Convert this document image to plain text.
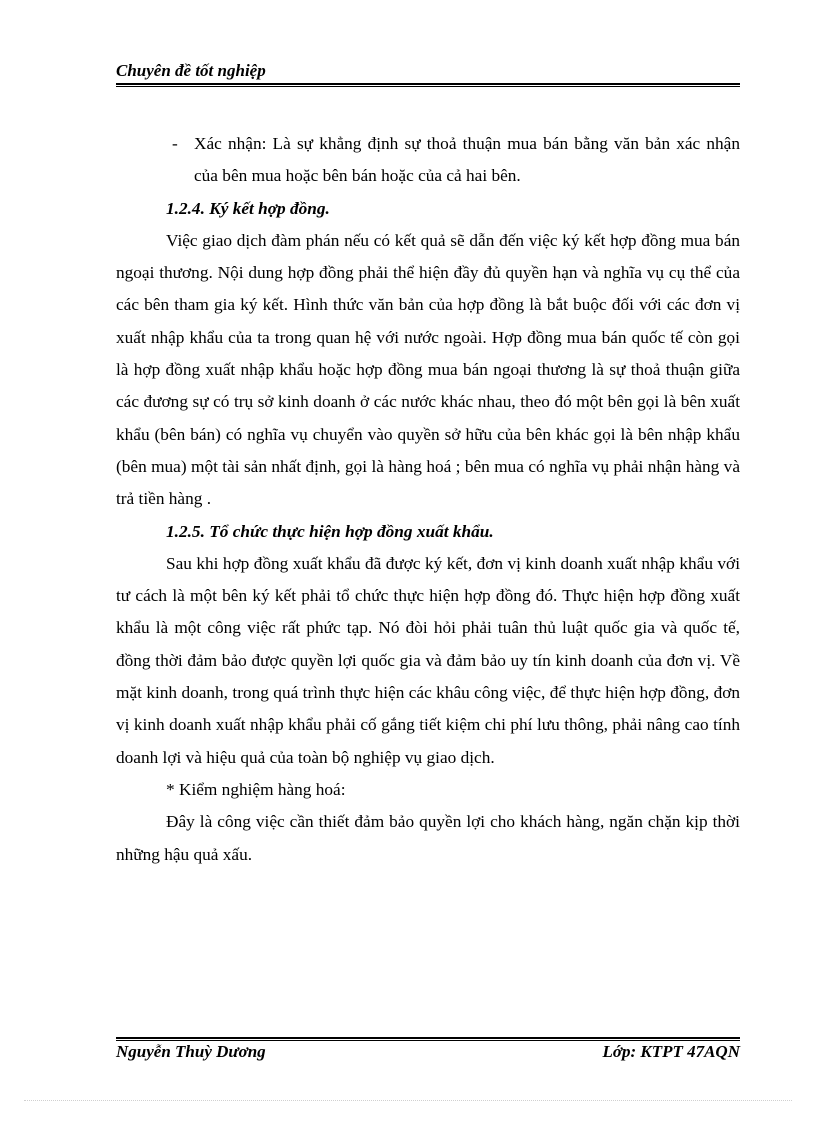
Chuyên đề tốt nghiệp
- Xác nhận: Là sự khẳng định sự thoả thuận mua bán bằng văn bản xác nhận của bên mua hoặc bên bán hoặc của cả hai bên.

1.2.4. Ký kết hợp đồng.

Việc giao dịch đàm phán nếu có kết quả sẽ dẫn đến việc ký kết hợp đồng mua bán ngoại thương. Nội dung hợp đồng phải thể hiện đầy đủ quyền hạn và nghĩa vụ cụ thể của các bên tham gia ký kết. Hình thức văn bản của hợp đồng là bắt buộc đối với các đơn vị xuất nhập khẩu của ta trong quan hệ với nước ngoài. Hợp đồng mua bán quốc tế còn gọi là hợp đồng xuất nhập khẩu hoặc hợp đồng mua bán ngoại thương là sự thoả thuận giữa các đương sự có trụ sở kinh doanh ở các nước khác nhau, theo đó một bên gọi là bên xuất khẩu (bên bán) có nghĩa vụ chuyển vào quyền sở hữu của bên khác gọi là bên nhập khẩu (bên mua) một tài sản nhất định, gọi là hàng hoá ; bên mua có nghĩa vụ phải nhận hàng và trả tiền hàng .

1.2.5. Tổ chức thực hiện hợp đồng xuất khẩu.

Sau khi hợp đồng xuất khẩu đã được ký kết, đơn vị kinh doanh xuất nhập khẩu với tư cách là một bên ký kết phải tổ chức thực hiện hợp đồng đó. Thực hiện hợp đồng xuất khẩu là một công việc rất phức tạp. Nó đòi hỏi phải tuân thủ luật quốc gia và quốc tế, đồng thời đảm bảo được quyền lợi quốc gia và đảm bảo uy tín kinh doanh của đơn vị. Về mặt kinh doanh, trong quá trình thực hiện các khâu công việc, để thực hiện hợp đồng, đơn vị kinh doanh xuất nhập khẩu phải cố gắng tiết kiệm chi phí lưu thông, phải nâng cao tính doanh lợi và hiệu quả của toàn bộ nghiệp vụ giao dịch.

* Kiểm nghiệm hàng hoá:

Đây là công việc cần thiết đảm bảo quyền lợi cho khách hàng, ngăn chặn kịp thời những hậu quả xấu.

Nguyễn Thuỳ Dương	Lớp: KTPT 47AQN
